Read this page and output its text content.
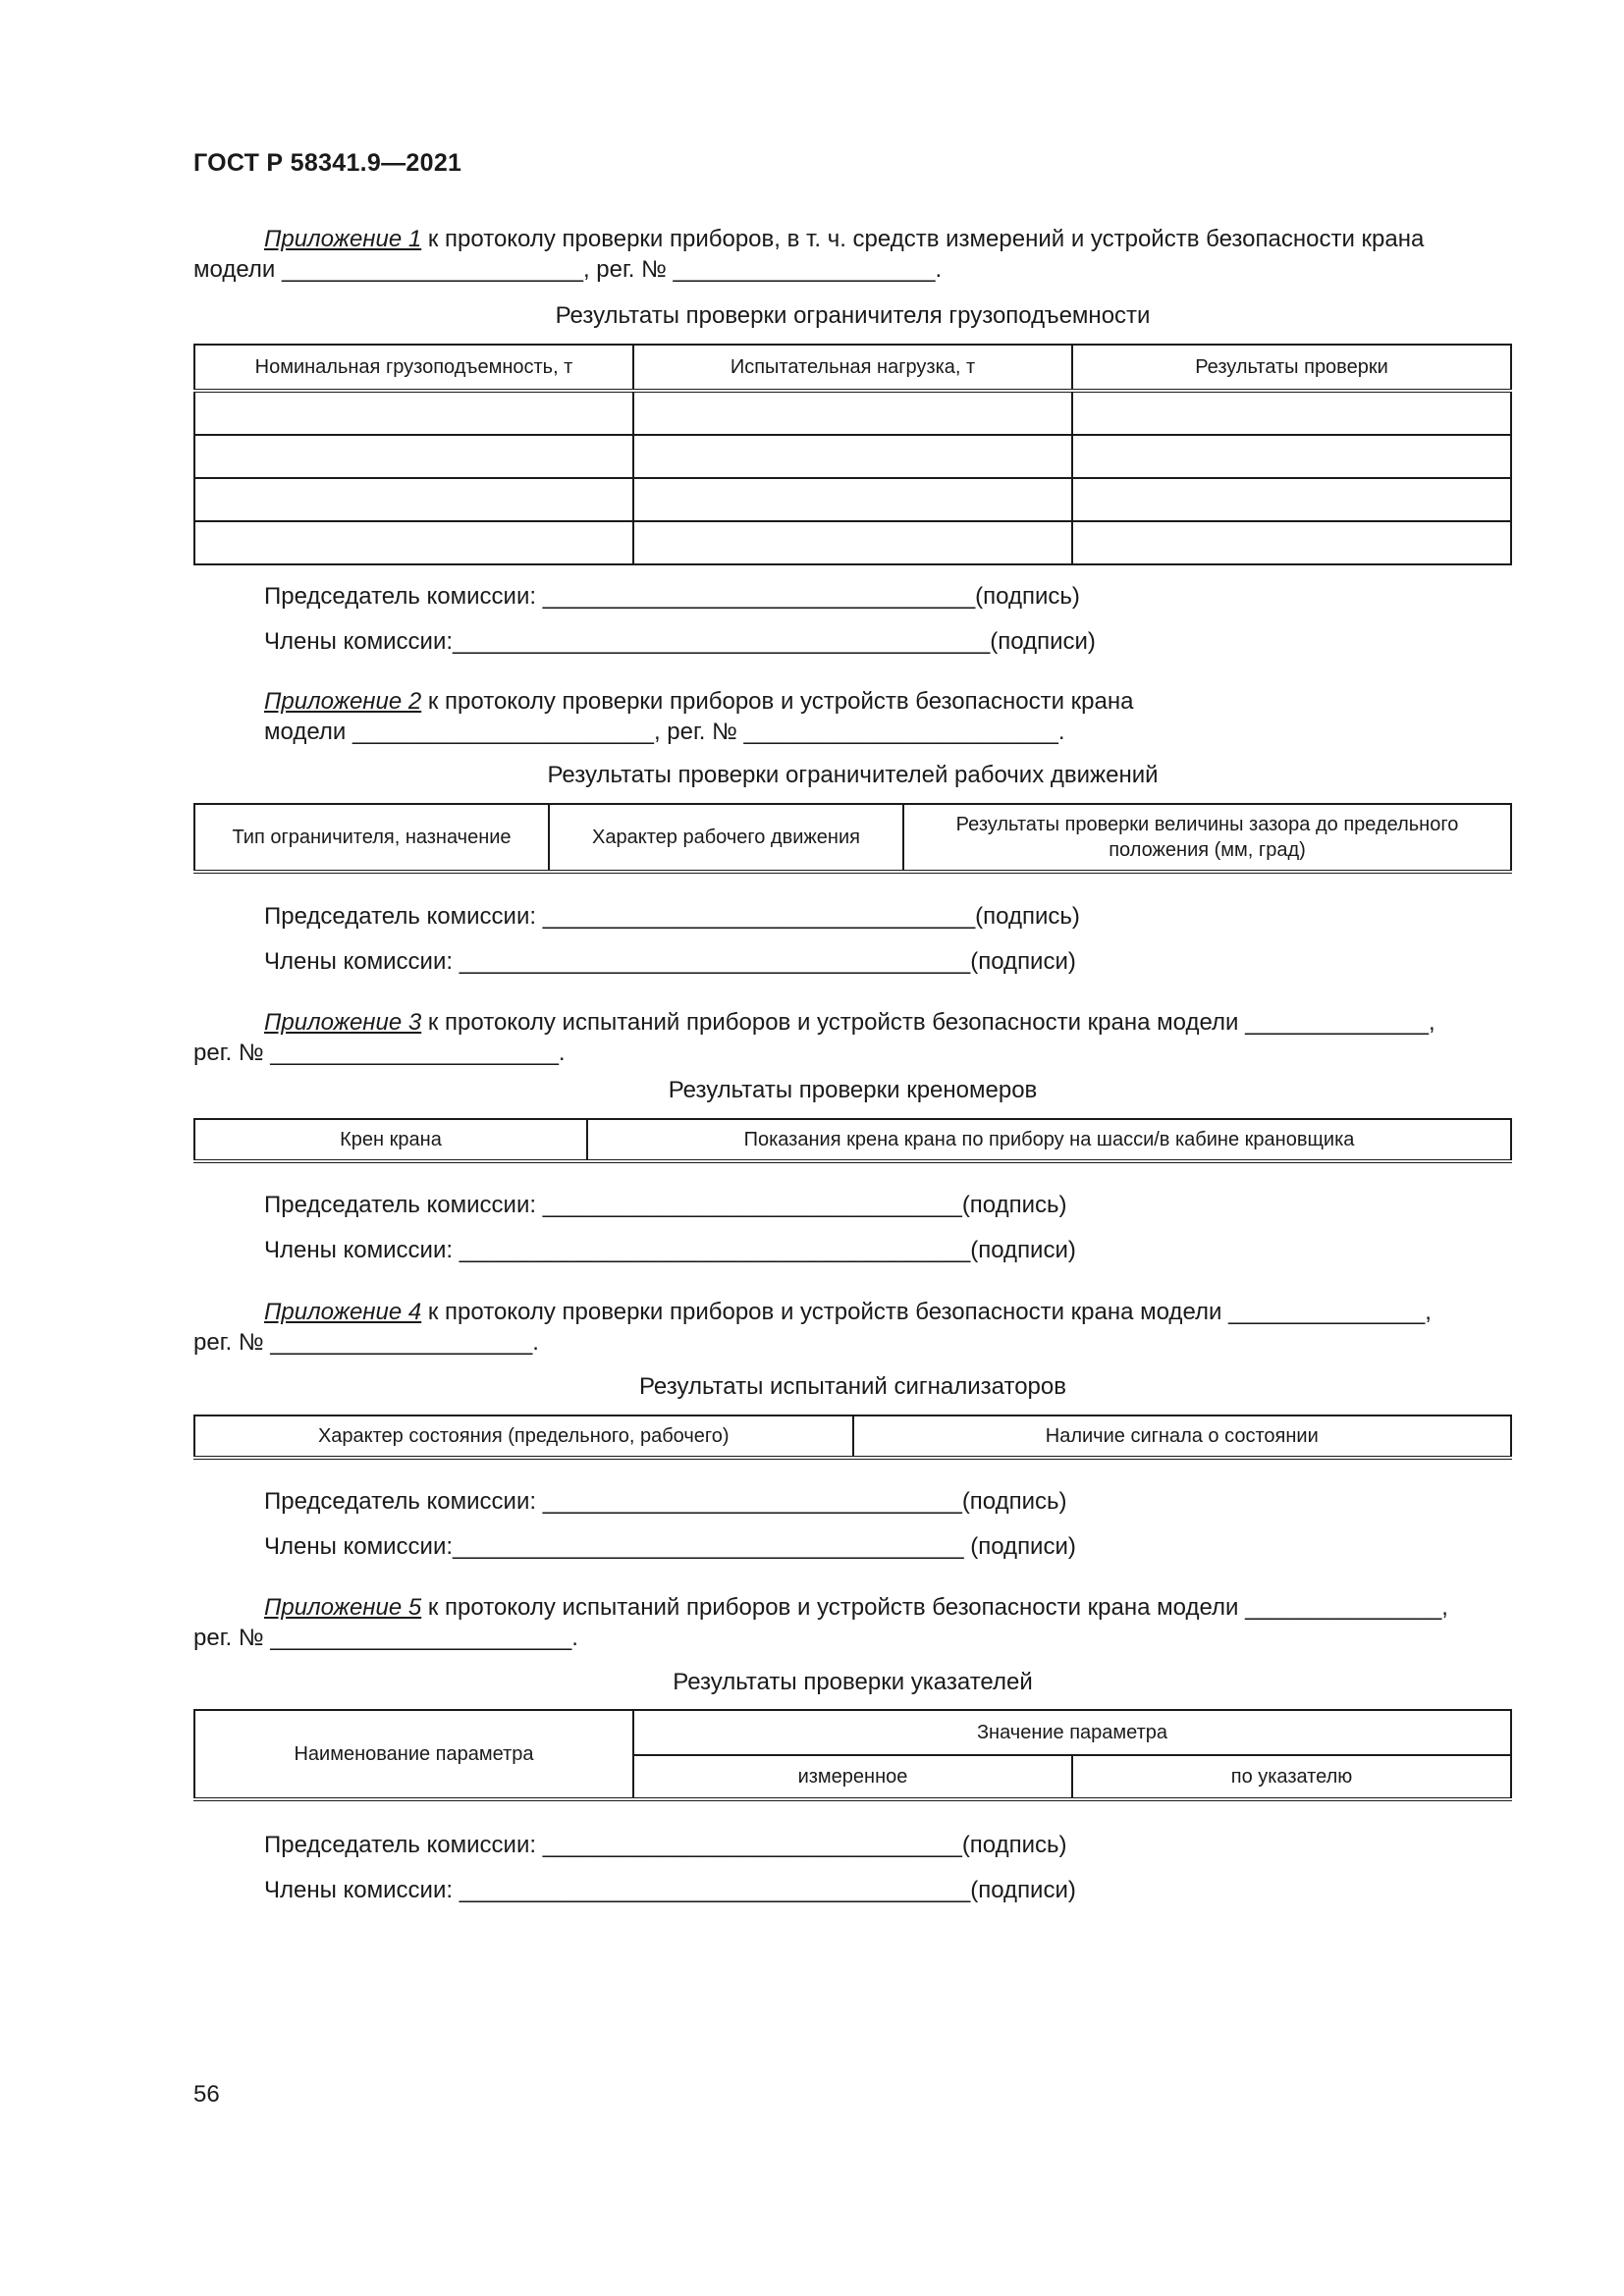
ГОСТ Р 58341.9—2021
Приложение 1 к протоколу проверки приборов, в т. ч. средств измерений и устройств безопасности крана
модели _______________________, рег. № ____________________.
Результаты проверки ограничителя грузоподъемности
Номинальная грузоподъемность, т	Испытательная нагрузка, т	Результаты проверки

Председатель комиссии: _________________________________(подпись)
Члены комиссии:_________________________________________(подписи)
Приложение 2 к протоколу проверки приборов и устройств безопасности крана
модели _______________________, рег. № ________________________.
Результаты проверки ограничителей рабочих движений
Тип ограничителя, назначение	Характер рабочего движения	Результаты проверки величины зазора до предельного положения (мм, град)
Председатель комиссии: _________________________________(подпись)
Члены комиссии: _______________________________________(подписи)
Приложение 3 к протоколу испытаний приборов и устройств безопасности крана модели ______________,
рег. № ______________________.
Результаты проверки креномеров
Крен крана	Показания крена крана по прибору на шасси/в кабине крановщика
Председатель комиссии: ________________________________(подпись)
Члены комиссии: _______________________________________(подписи)
Приложение 4 к протоколу проверки приборов и устройств безопасности крана модели _______________,
рег. № ____________________.
Результаты испытаний сигнализаторов
Характер состояния (предельного, рабочего)	Наличие сигнала о состоянии
Председатель комиссии: ________________________________(подпись)
Члены комиссии:_______________________________________ (подписи)
Приложение 5 к протоколу испытаний приборов и устройств безопасности крана модели _______________,
рег. № _______________________.
Результаты проверки указателей
Наименование параметра	Значение параметра	
	измеренное	по указателю
Председатель комиссии: ________________________________(подпись)
Члены комиссии: _______________________________________(подписи)
56
